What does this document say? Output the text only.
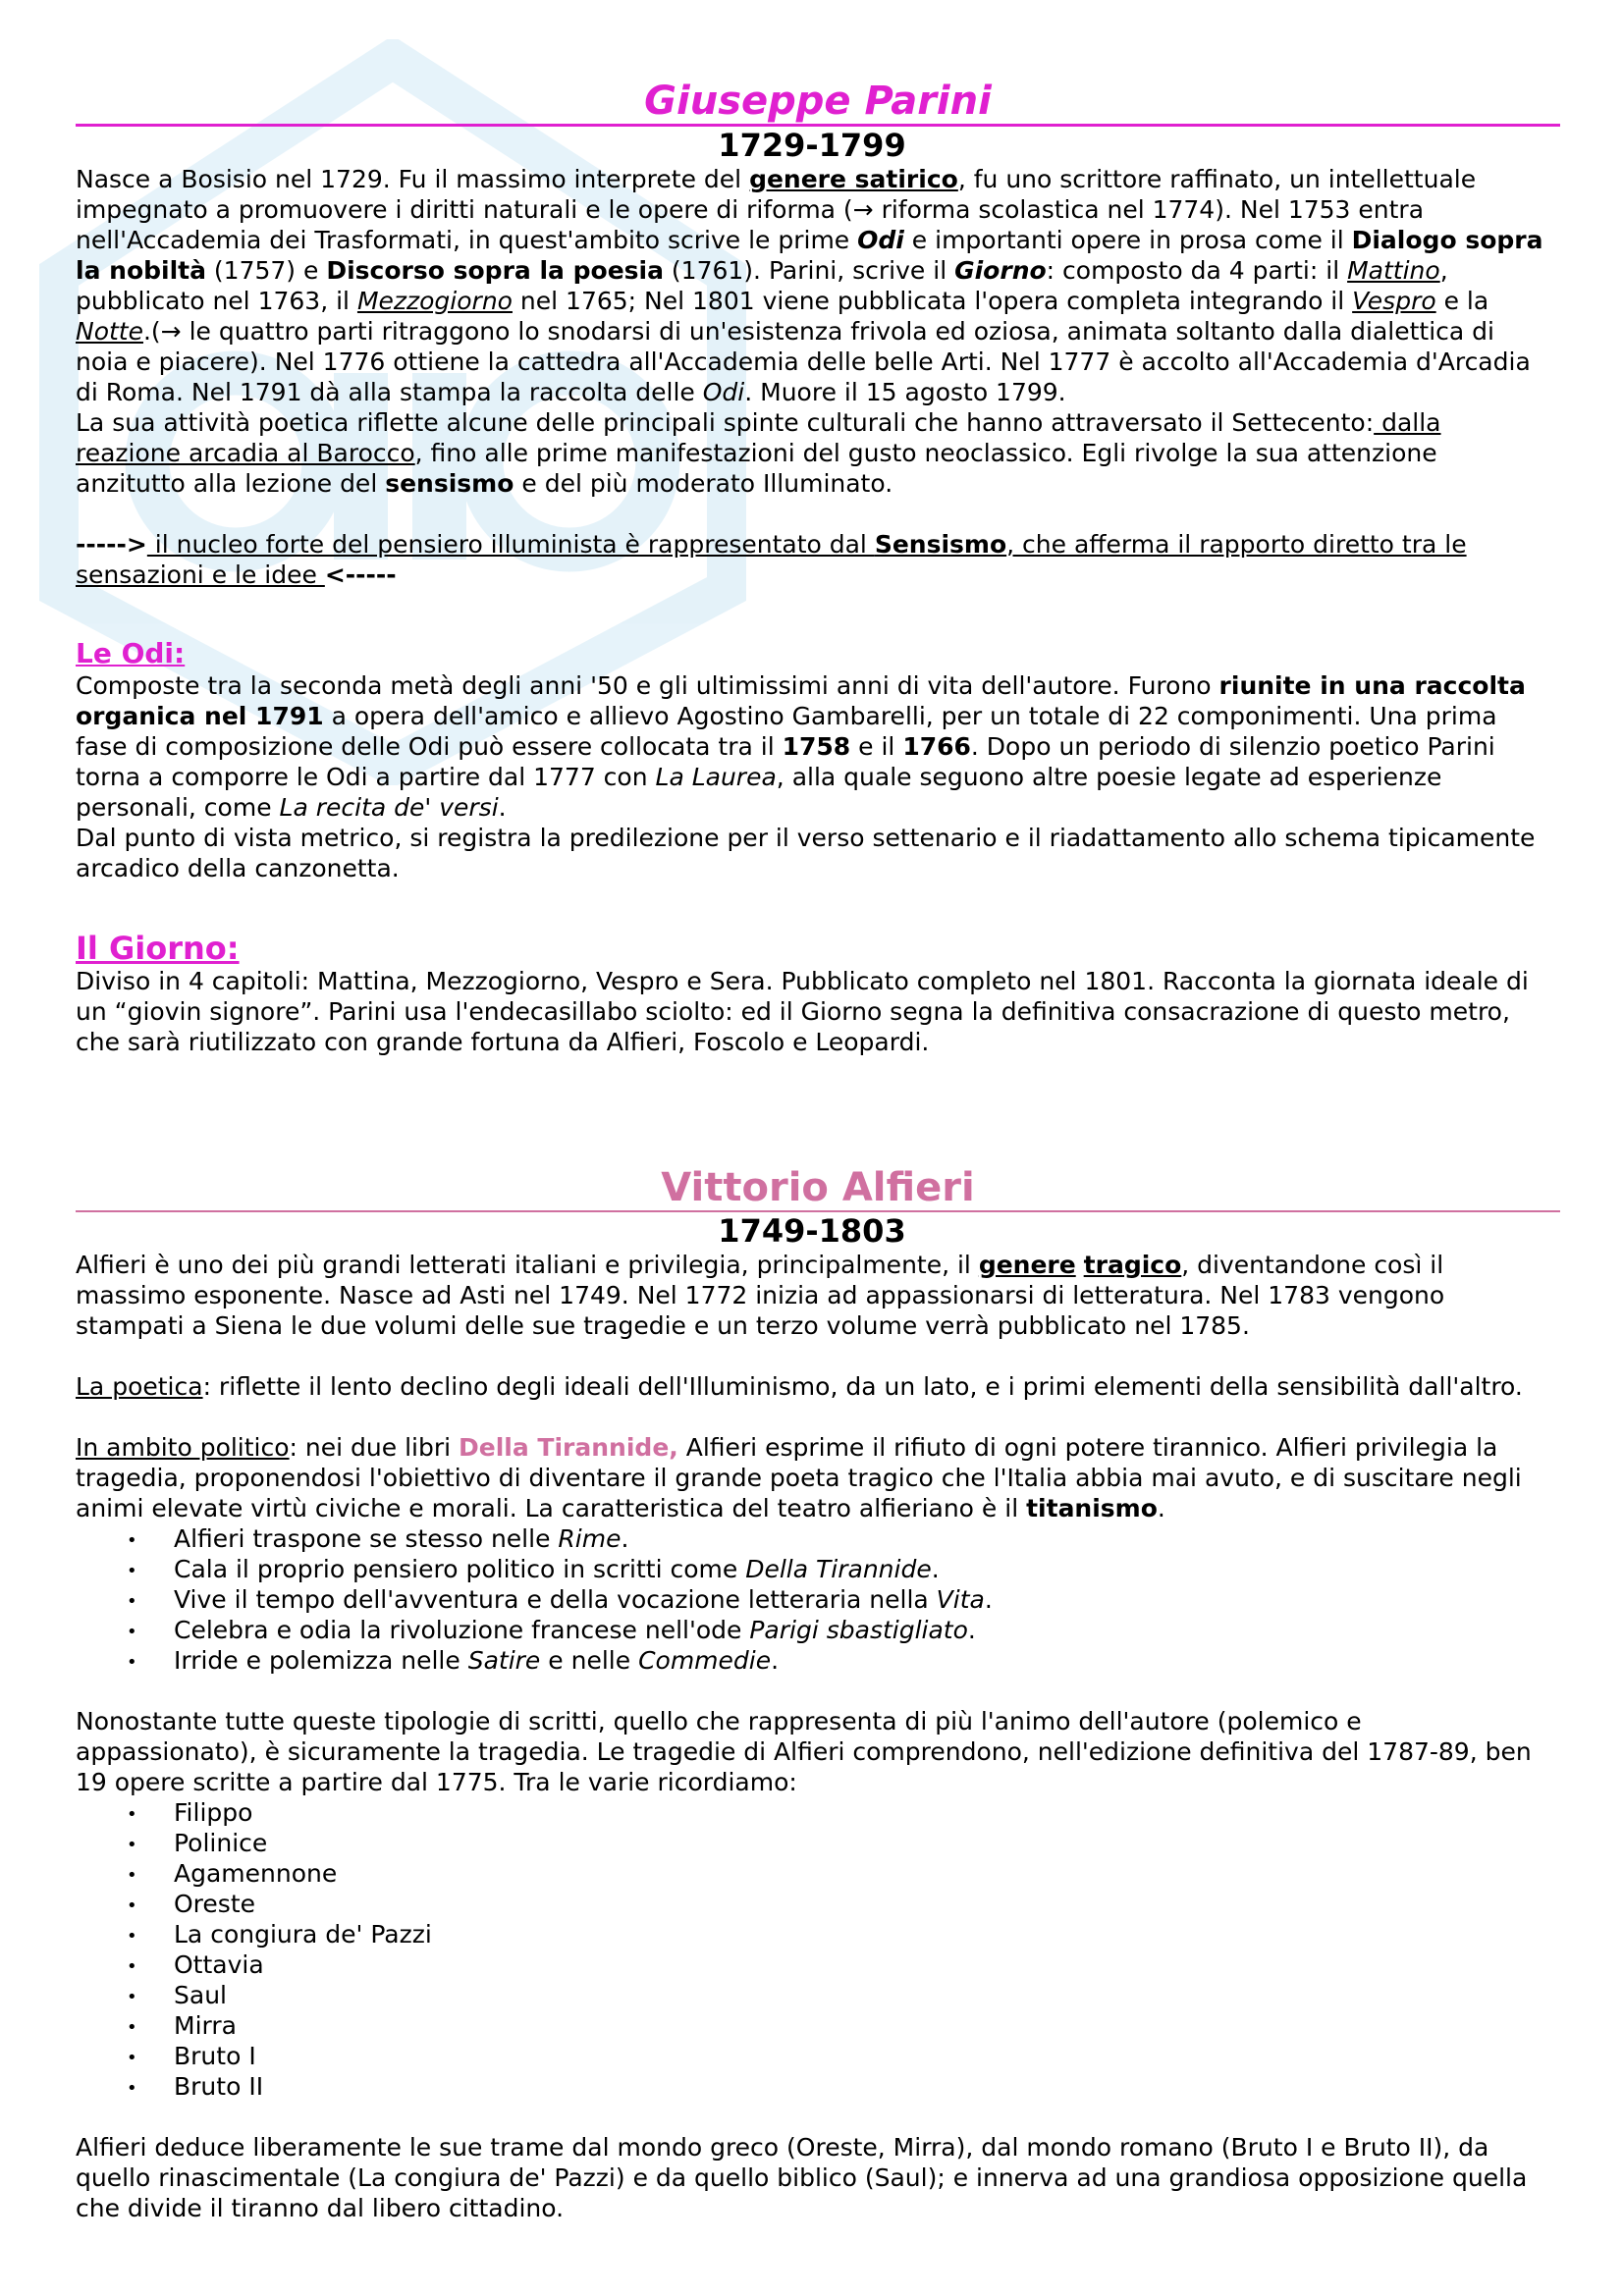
Giuseppe Parini

1729-1799

Nasce a Bosisio nel 1729. Fu il massimo interprete del genere satirico, fu uno scrittore raffinato, un intellettuale impegnato a promuovere i diritti naturali e le opere di riforma (→ riforma scolastica nel 1774). Nel 1753 entra nell'Accademia dei Trasformati, in quest'ambito scrive le prime Odi e importanti opere in prosa come il Dialogo sopra la nobiltà (1757) e Discorso sopra la poesia (1761). Parini, scrive il Giorno: composto da 4 parti: il Mattino, pubblicato nel 1763, il Mezzogiorno nel 1765; Nel 1801 viene pubblicata l'opera completa integrando il Vespro e la Notte.(→ le quattro parti ritraggono lo snodarsi di un'esistenza frivola ed oziosa, animata soltanto dalla dialettica di noia e piacere). Nel 1776 ottiene la cattedra all'Accademia delle belle Arti. Nel 1777 è accolto all'Accademia d'Arcadia di Roma. Nel 1791 dà alla stampa la raccolta delle Odi. Muore il 15 agosto 1799.

La sua attività poetica riflette alcune delle principali spinte culturali che hanno attraversato il Settecento: dalla reazione arcadia al Barocco, fino alle prime manifestazioni del gusto neoclassico. Egli rivolge la sua attenzione anzitutto alla lezione del sensismo e del più moderato Illuminato.

-----> il nucleo forte del pensiero illuminista è rappresentato dal Sensismo, che afferma il rapporto diretto tra le sensazioni e le idee <-----

Le Odi:

Composte tra la seconda metà degli anni '50 e gli ultimissimi anni di vita dell'autore. Furono riunite in una raccolta organica nel 1791 a opera dell'amico e allievo Agostino Gambarelli, per un totale di 22 componimenti. Una prima fase di composizione delle Odi può essere collocata tra il 1758 e il 1766. Dopo un periodo di silenzio poetico Parini torna a comporre le Odi a partire dal 1777 con La Laurea, alla quale seguono altre poesie legate ad esperienze personali, come La recita de' versi.

Dal punto di vista metrico, si registra la predilezione per il verso settenario e il riadattamento allo schema tipicamente arcadico della canzonetta.

Il Giorno:

Diviso in 4 capitoli: Mattina, Mezzogiorno, Vespro e Sera. Pubblicato completo nel 1801. Racconta la giornata ideale di un “giovin signore”. Parini usa l'endecasillabo sciolto: ed il Giorno segna la definitiva consacrazione di questo metro, che sarà riutilizzato con grande fortuna da Alfieri, Foscolo e Leopardi.

Vittorio Alfieri

1749-1803

Alfieri è uno dei più grandi letterati italiani e privilegia, principalmente, il genere tragico, diventandone così il massimo esponente. Nasce ad Asti nel 1749. Nel 1772 inizia ad appassionarsi di letteratura. Nel 1783 vengono stampati a Siena le due volumi delle sue tragedie e un terzo volume verrà pubblicato nel 1785.

La poetica: riflette il lento declino degli ideali dell'Illuminismo, da un lato, e i primi elementi della sensibilità dall'altro.

In ambito politico: nei due libri Della Tirannide, Alfieri esprime il rifiuto di ogni potere tirannico. Alfieri privilegia la tragedia, proponendosi l'obiettivo di diventare il grande poeta tragico che l'Italia abbia mai avuto, e di suscitare negli animi elevate virtù civiche e morali. La caratteristica del teatro alfieriano è il titanismo.

• Alfieri traspone se stesso nelle Rime.
• Cala il proprio pensiero politico in scritti come Della Tirannide.
• Vive il tempo dell'avventura e della vocazione letteraria nella Vita.
• Celebra e odia la rivoluzione francese nell'ode Parigi sbastigliato.
• Irride e polemizza nelle Satire e nelle Commedie.

Nonostante tutte queste tipologie di scritti, quello che rappresenta di più l'animo dell'autore (polemico e appassionato), è sicuramente la tragedia. Le tragedie di Alfieri comprendono, nell'edizione definitiva del 1787-89, ben 19 opere scritte a partire dal 1775. Tra le varie ricordiamo:

• Filippo
• Polinice
• Agamennone
• Oreste
• La congiura de' Pazzi
• Ottavia
• Saul
• Mirra
• Bruto I
• Bruto II

Alfieri deduce liberamente le sue trame dal mondo greco (Oreste, Mirra), dal mondo romano (Bruto I e Bruto II), da quello rinascimentale (La congiura de' Pazzi) e da quello biblico (Saul); e innerva ad una grandiosa opposizione quella che divide il tiranno dal libero cittadino.
